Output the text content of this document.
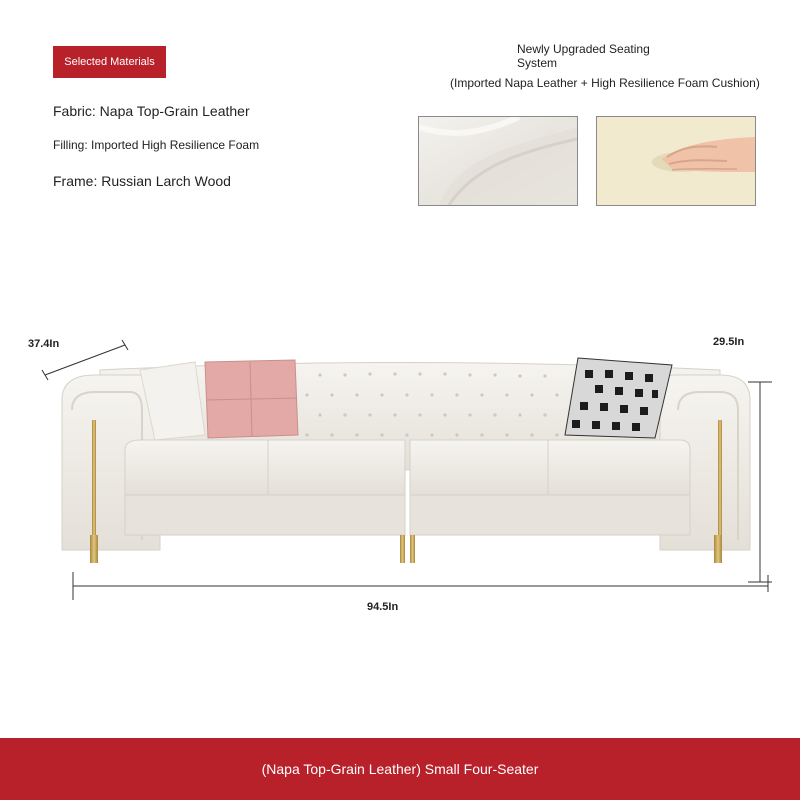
Selected Materials
Fabric: Napa Top-Grain Leather
Filling: Imported High Resilience Foam
Frame: Russian Larch Wood
Newly Upgraded Seating System
(Imported Napa Leather + High Resilience Foam Cushion)
37.4In	29.5In
94.5In
(Napa Top-Grain Leather) Small Four-Seater
